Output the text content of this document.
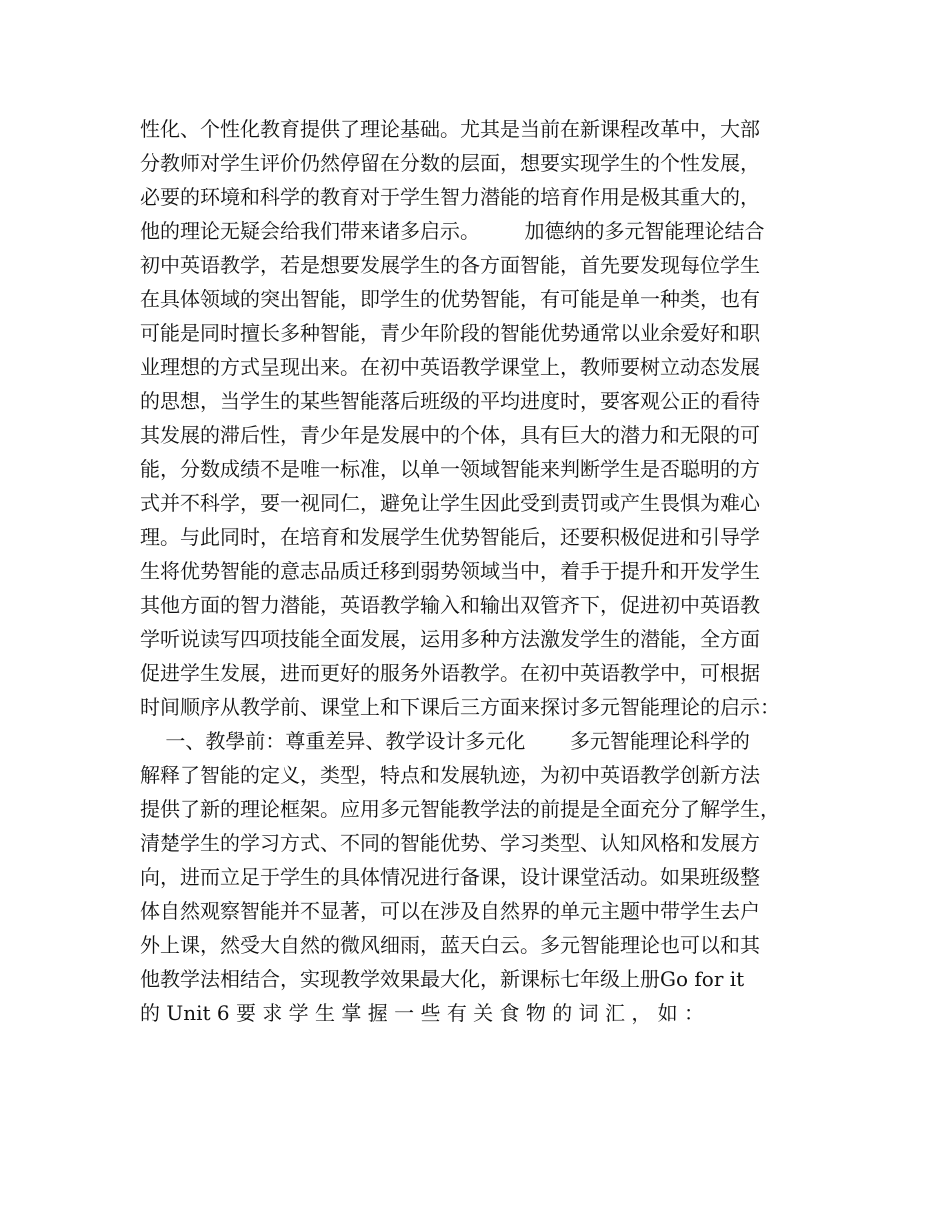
性化、个性化教育提供了理论基础。尤其是当前在新课程改革中，大部
分教师对学生评价仍然停留在分数的层面，想要实现学生的个性发展，
必要的环境和科学的教育对于学生智力潜能的培育作用是极其重大的，
他的理论无疑会给我们带来诸多启示。       加德纳的多元智能理论结合
初中英语教学，若是想要发展学生的各方面智能，首先要发现每位学生
在具体领域的突出智能，即学生的优势智能，有可能是单一种类，也有
可能是同时擅长多种智能，青少年阶段的智能优势通常以业余爱好和职
业理想的方式呈现出来。在初中英语教学课堂上，教师要树立动态发展
的思想，当学生的某些智能落后班级的平均进度时，要客观公正的看待
其发展的滞后性，青少年是发展中的个体，具有巨大的潜力和无限的可
能，分数成绩不是唯一标准，以单一领域智能来判断学生是否聪明的方
式并不科学，要一视同仁，避免让学生因此受到责罚或产生畏惧为难心
理。与此同时，在培育和发展学生优势智能后，还要积极促进和引导学
生将优势智能的意志品质迁移到弱势领域当中，着手于提升和开发学生
其他方面的智力潜能，英语教学输入和输出双管齐下，促进初中英语教
学听说读写四项技能全面发展，运用多种方法激发学生的潜能，全方面
促进学生发展，进而更好的服务外语教学。在初中英语教学中，可根据
时间顺序从教学前、课堂上和下课后三方面来探讨多元智能理论的启示：
一、教學前：尊重差异、教学设计多元化       多元智能理论科学的
解释了智能的定义，类型，特点和发展轨迹，为初中英语教学创新方法
提供了新的理论框架。应用多元智能教学法的前提是全面充分了解学生，
清楚学生的学习方式、不同的智能优势、学习类型、认知风格和发展方
向，进而立足于学生的具体情况进行备课，设计课堂活动。如果班级整
体自然观察智能并不显著，可以在涉及自然界的单元主题中带学生去户
外上课，然受大自然的微风细雨，蓝天白云。多元智能理论也可以和其
他教学法相结合，实现教学效果最大化，新课标七年级上册Go for it
的 Unit 6 要 求 学 生 掌 握 一 些 有 关 食 物 的 词 汇 ， 如 ：
